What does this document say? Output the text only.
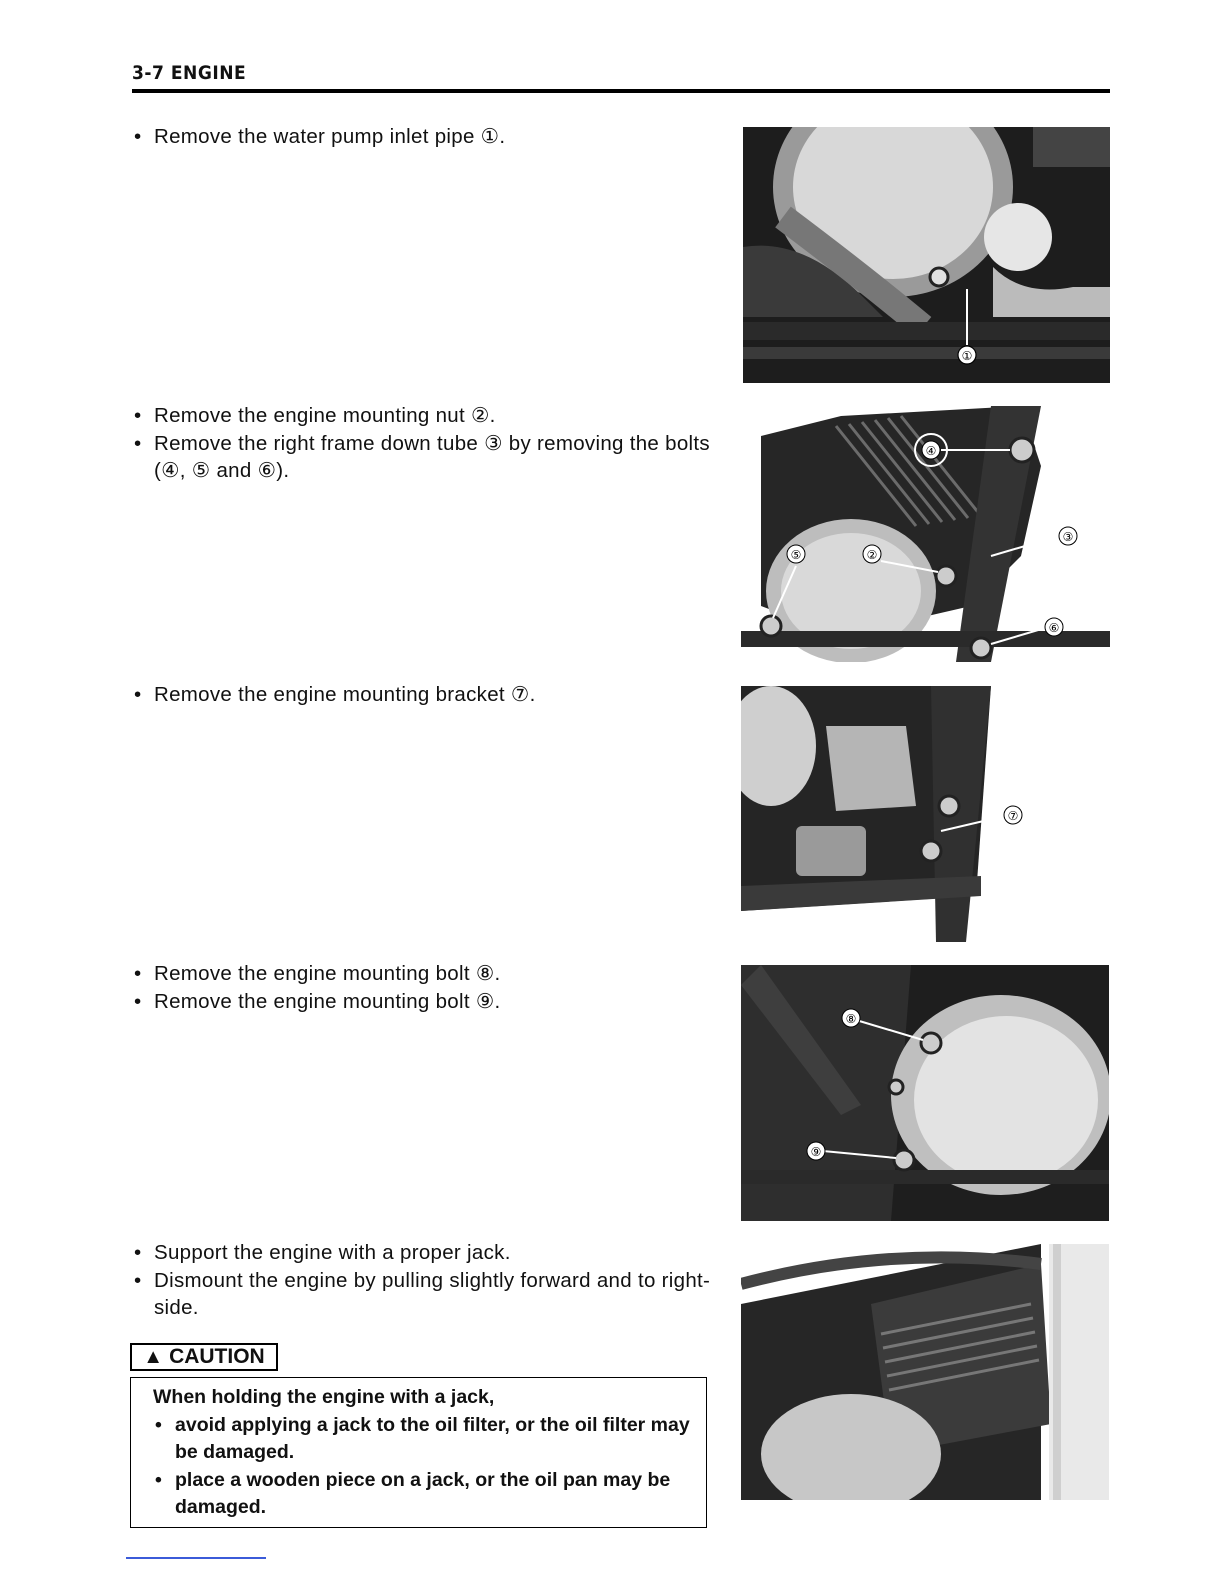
3-7 ENGINE
• Remove the water pump inlet pipe ①.
①
• Remove the engine mounting nut ②.
• Remove the right frame down tube ③ by removing the bolts (④, ⑤ and ⑥).
④
⑤	②
③
⑥
• Remove the engine mounting bracket ⑦.
⑦
• Remove the engine mounting bolt ⑧.
• Remove the engine mounting bolt ⑨.
⑧
⑨
• Support the engine with a proper jack.
• Dismount the engine by pulling slightly forward and to right-side.
▲ CAUTION
When holding the engine with a jack,
• avoid applying a jack to the oil filter, or the oil filter may be damaged.
• place a wooden piece on a jack, or the oil pan may be damaged.
